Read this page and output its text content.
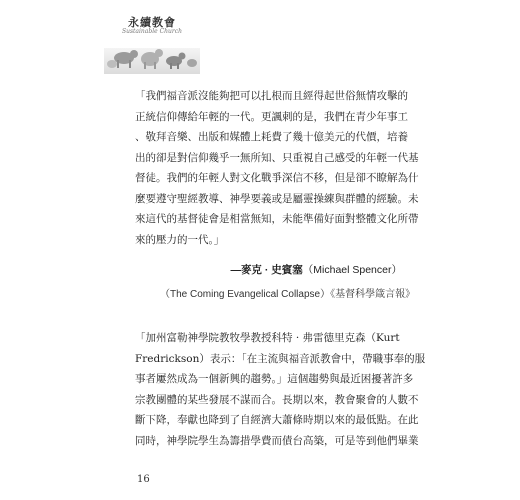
永續教會
Sustainable Church

「我們福音派沒能夠把可以扎根而且經得起世俗無情攻擊的

正統信仰傳給年輕的一代。更諷刺的是，我們在青少年事工

、敬拜音樂、出版和媒體上耗費了幾十億美元的代價，培養

出的卻是對信仰幾乎一無所知、只重視自己感受的年輕一代基

督徒。我們的年輕人對文化戰爭深信不移，但是卻不瞭解為什

麼要遵守聖經教導、神學要義或是屬靈操練與群體的經驗。未

來這代的基督徒會是相當無知，未能準備好面對整體文化所帶

來的壓力的一代。」

—麥克 · 史賓塞（Michael Spencer）
（The Coming Evangelical Collapse）《基督科學箴言報》

「加州富勒神學院教牧學教授科特 · 弗雷德里克森（Kurt

Fredrickson）表示：「在主流與福音派教會中，帶職事奉的服

事者屢然成為一個新興的趨勢。」這個趨勢與最近困擾著許多

宗教團體的某些發展不謀而合。長期以來，教會聚會的人數不

斷下降，奉獻也降到了自經濟大蕭條時期以來的最低點。在此

同時，神學院學生為籌措學費而債台高築，可是等到他們畢業

16
